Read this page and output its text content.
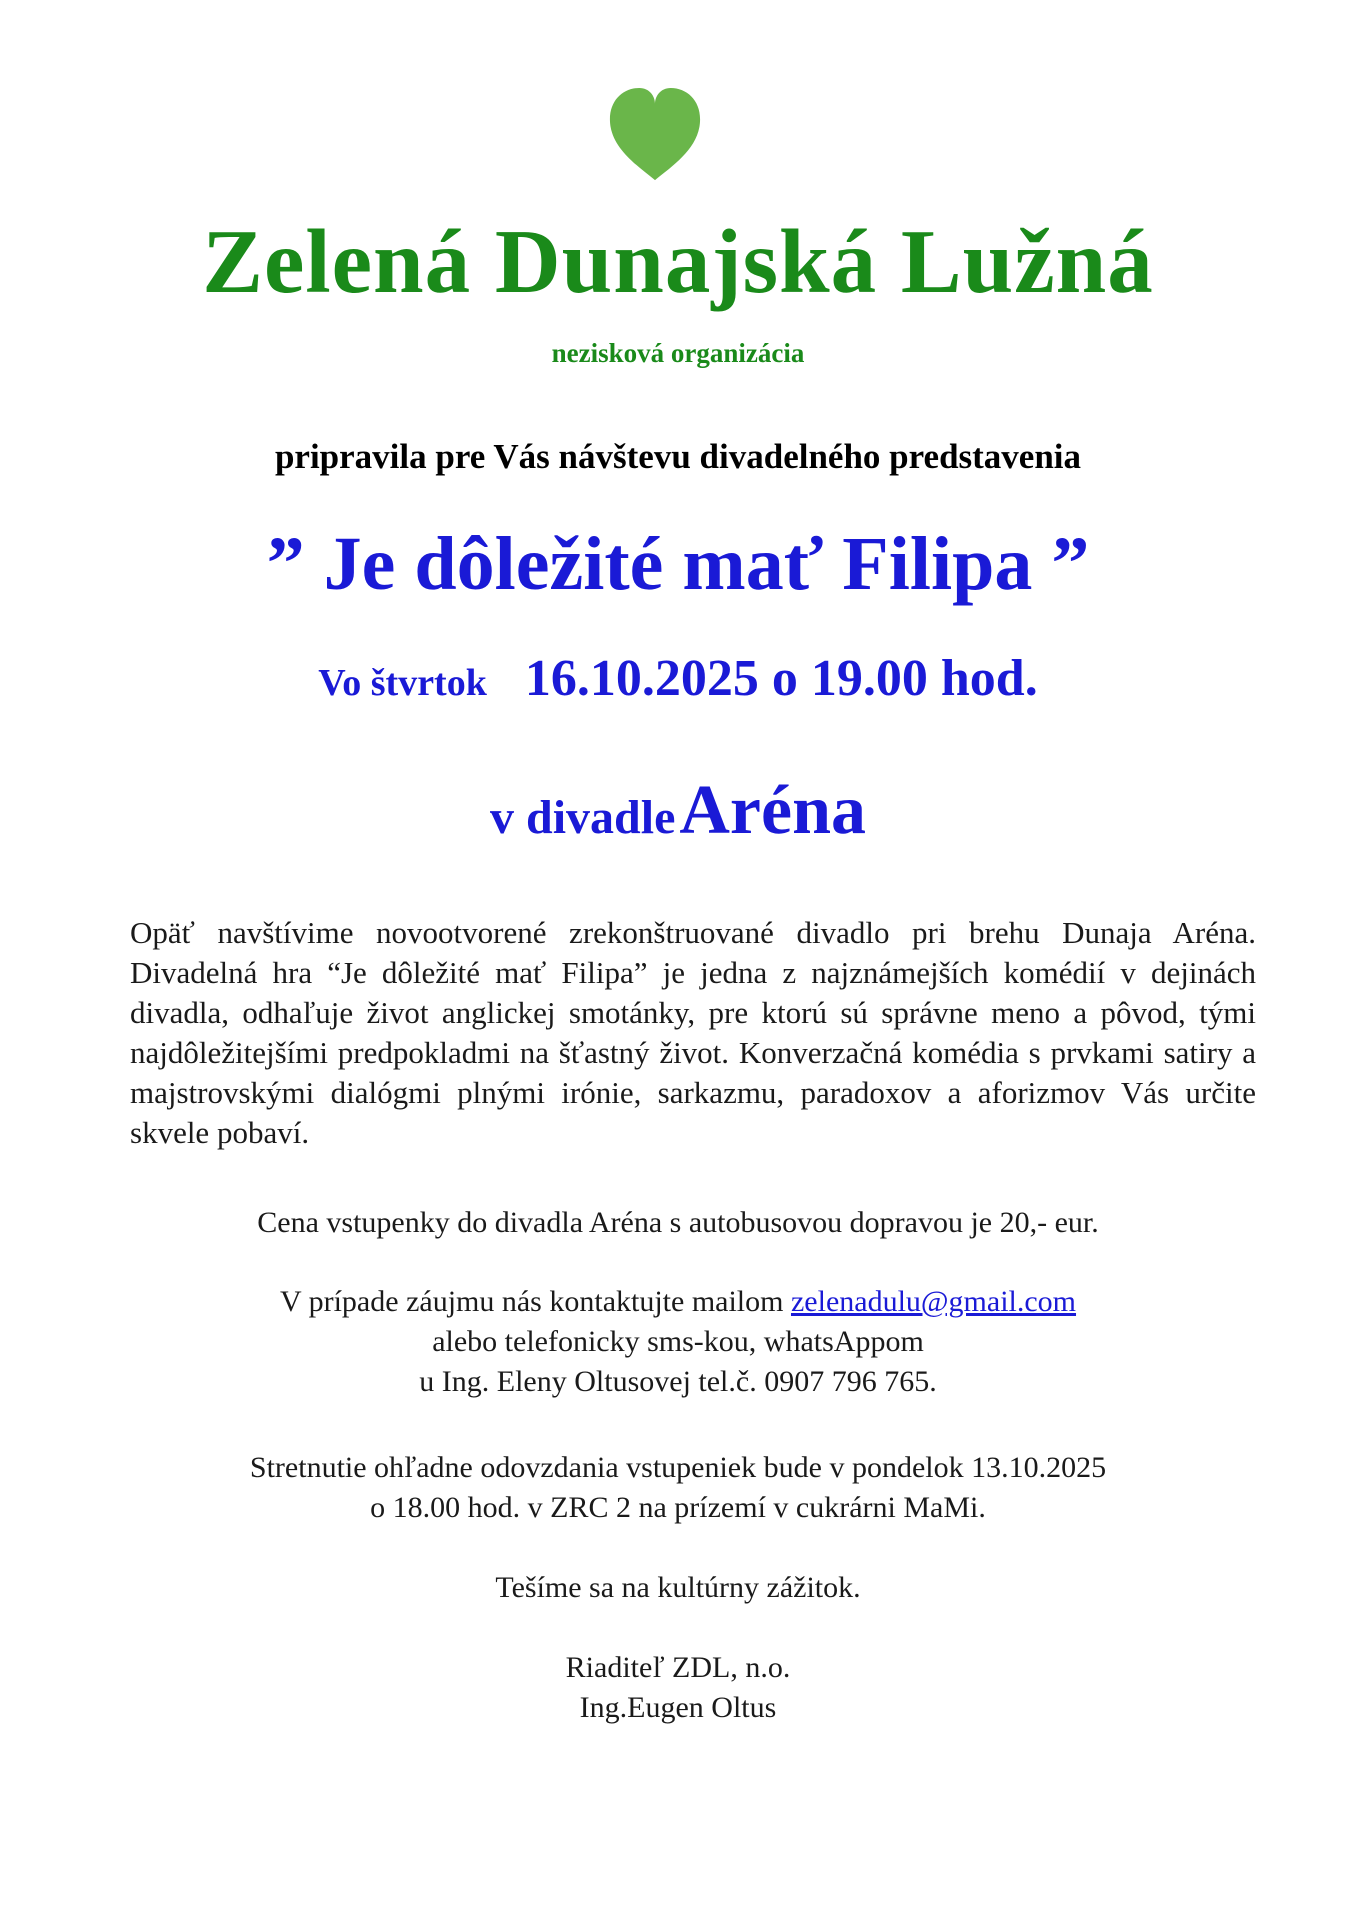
Zelená Dunajská Lužná
nezisková organizácia
pripravila pre Vás návštevu divadelného predstavenia
” Je dôležité mať Filipa ”
Vo štvrtok 16.10.2025 o 19.00 hod.
v divadle Aréna

Opäť navštívime novootvorené zrekonštruované divadlo pri brehu Dunaja Aréna. Divadelná hra “Je dôležité mať Filipa” je jedna z najznámejších komédií v dejinách divadla, odhaľuje život anglickej smotánky, pre ktorú sú správne meno a pôvod, tými najdôležitejšími predpokladmi na šťastný život. Konverzačná komédia s prvkami satiry a majstrovskými dialógmi plnými irónie, sarkazmu, paradoxov a aforizmov Vás určite skvele pobaví.

Cena vstupenky do divadla Aréna s autobusovou dopravou je 20,- eur.
V prípade záujmu nás kontaktujte mailom zelenadulu@gmail.com
alebo telefonicky sms-kou, whatsAppom
u Ing. Eleny Oltusovej tel.č. 0907 796 765.
Stretnutie ohľadne odovzdania vstupeniek bude v pondelok 13.10.2025
o 18.00 hod. v ZRC 2 na prízemí v cukrárni MaMi.
Tešíme sa na kultúrny zážitok.
Riaditeľ ZDL, n.o.
Ing.Eugen Oltus
